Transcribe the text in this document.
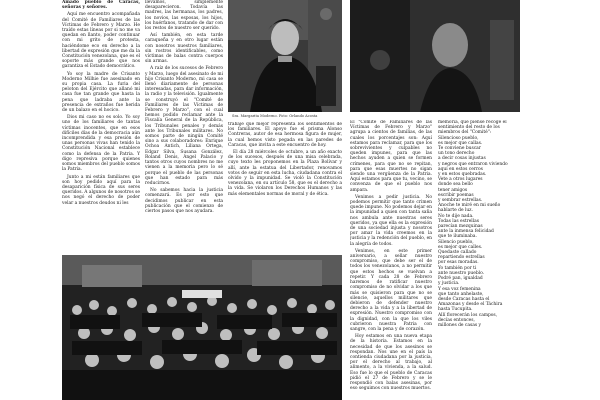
Amado pueblo de Caracas, señoras y señores.

Aquí me encuentro acompañada del Comité de Familiares de las Víctimas de Febrero y Marzo. He traído estas líneas por si no me va quedan en llanto, poder continuar con mi grito de protesta, haciéndome eco en derecho a la libertad de expresión que me da la Constitución venezolana, que es el soporte más grande que nos garantiza el Estado democrático.

Yo soy la madre de Crisanto Moderno Milhie fue asesinado en su propia casa. La furia del peloton del Ejército que allanó mi casa fue tan grande que hasta la pena que ladraba ante la presencia de extraños fue herida de un balazo en el hocico.

Dios mi caso no es solo. Yo soy uno de los familiares de tantas víctimas inocentes, que en esos difíciles días de la democracia aún incomprendida y esa presión de unas personas vivas han tenido la Constitución Nacional establece como la defensa de la Patria. Y digo represiva porque quienes somos miembros del pueblo somos la Patria.

Junto a mi están familiares que son hoy pedido aquí para la desaparición física de sus seres queridos. A algunos de nosotros se nos negó el derecho de poder velar a nuestros deudos ni les

llevamos, simplemente desaparecieron. Todavía las madres, las hermanas, los padres, los novios, las esposas, los hijos, los huérfanos, tratando de dar con los restos de nuestro ser querido.

Así también, en esta tarde caraqueña y en otro lugar están con nosotros nuestros familiares, sin rostros identificables, como víctimas de balas contra cuerpos sin armas.

A raíz de los sucesos de Febrero y Marzo, luego del asesinato de mi hijo Crisanto Moderno, mi casa se llenó diariamente de personas interesadas, para dar información, la radio y la televisión. Igualmente se construyó el "Comité de Familiares de las Víctimas de Febrero y Marzo", con el cual hemos podido reclamar ante la Fiscalía General de la República, los Tribunales penales y demás ante los Tribunales militares. No somos parte de ningún Comité sino a sus colaboradores: Enrique Ochoa Antich, Liliana Ortega, Edgar Silva, Susana González, Roland Denis, Ángel Palacio y tantos otros cuyos nombres no me vienen a la memoria pero lo sé porque el pueblo de las personas que han estado para más reducirnos.

No sabemos hacia la justicia comenzará. Es por esto que decidimos publicar en esta publicación que el comienzo de ciertos pasos que nos ayudara.

Sra. Margarita Moderno. Foto: Orlando Acosta

trabaje que mejor representa los sentimientos de los familiares. El apoyo fue el prisma Alonso Contreras, autor de esa hermosa figura de mujer, la cual hemos visto pegada en las paredes de Caracas, que invita a este encuentro de hoy.

El día 28 miércoles de octubre, a un año exacto de los sucesos, después de una misa celebrada, cuyo texto les proponemos en la Plaza Bolívar y allí, ante la estatua del Libertador, renovamos votos de seguir en esta lucha, ciudadana contra el olvido y la impunidad. Se violó la Constitución venezolana, en su artículo 58, que es el derecho a la vida. Se violaron los Derechos Humanos y las más elementales normas de moral y de ética.

El "Comité de Familiares de las Víctimas de Febrero y Marzo" agrupa a cientos de familias, de las cuales los porcentajes son: Aquí estamos para reclamar, para que los sobrevivientes y culpables no queden impunes, para que las hechos ayuden a quien se formen crímenes, para que no se repitan, para que esas muertes no sigan siendo una vergüenza de la Patria. Aquí estamos para que tu, vecino, se convenza de que el pueblo nos ampara.

Venimos a pedir justicia. No podemos permitir que tanto crimen quede impune. No podemos dejar en la impunidad a quien con tanta saña nos ambula ante nuestras seres queridos, ya que ella es la expresión de una sociedad injusta y nosotros por amar la vida creemos en la justicia y la redención del pueblo, en la alegría de todos.

Venimos, en este primer aniversario, a sellar nuestro compromiso, que debe ser el de todos los venezolanos, a no permitir que estos hechos se vuelvan a repetir. Y cada 28 de Febrero haremos de ratificar nuestro compromiso de no olvidar a los que más se quisieron para que no se silencie, aquellos militares que debieron de defender nuestro derecho a la vida y a la libertad de expresión. Nuestro compromiso con la dignidad, con la que los viles cubrieron nuestra Patria con sangre, con la pena y de corazón.

Hoy estamos en una nueva etapa de la historia. Estamos en la necesidad de que los asesinos se respondan. Nos une en el país la contienda ciudadana por la justicia, por el derecho al trabajo, al alimento, a la vivienda, a la salud. Eso fue lo que el pueblo de Caracas pidió el 27 de Febrero y se le respondió con balas asesinas, por eso seguimos con nuestros muertos.

memoria, que piense recoge el sentimiento del resto de los miembros del "Comité":

Silencioso pueblo,

es mejor que callas.

Te conviene buscar

un tono derecho

a decir cosas injustas

y negros que entraron viviendo

aquí en estos cerros

y en estos quebradas.

Vete a otros lugares

donde sea bello

tener amigos

escribir poemas

y sembrar estrellas.

Anoche te miré en mi sueño

hablarte de luz.

No te dije nada.

Todas las estrellas

parecían mezquinas

ante la inmensa felicidad

que te iluminaba.

Silencio pueblo,

es mejor que calles.

Quedaste callado

repartiendo estrellas

por esas moradas.

Yo también por ti

ante nuestro pueblo.

Podré pan, igualdad

y justicia.

Y esa voz femenina

que tanto anhelaste,

desde Caracas hasta el

Amazonas y desde el Táchira

hasta Tucupita.

Allí florecerán los campos,

decías entonces,

millones de casas y
